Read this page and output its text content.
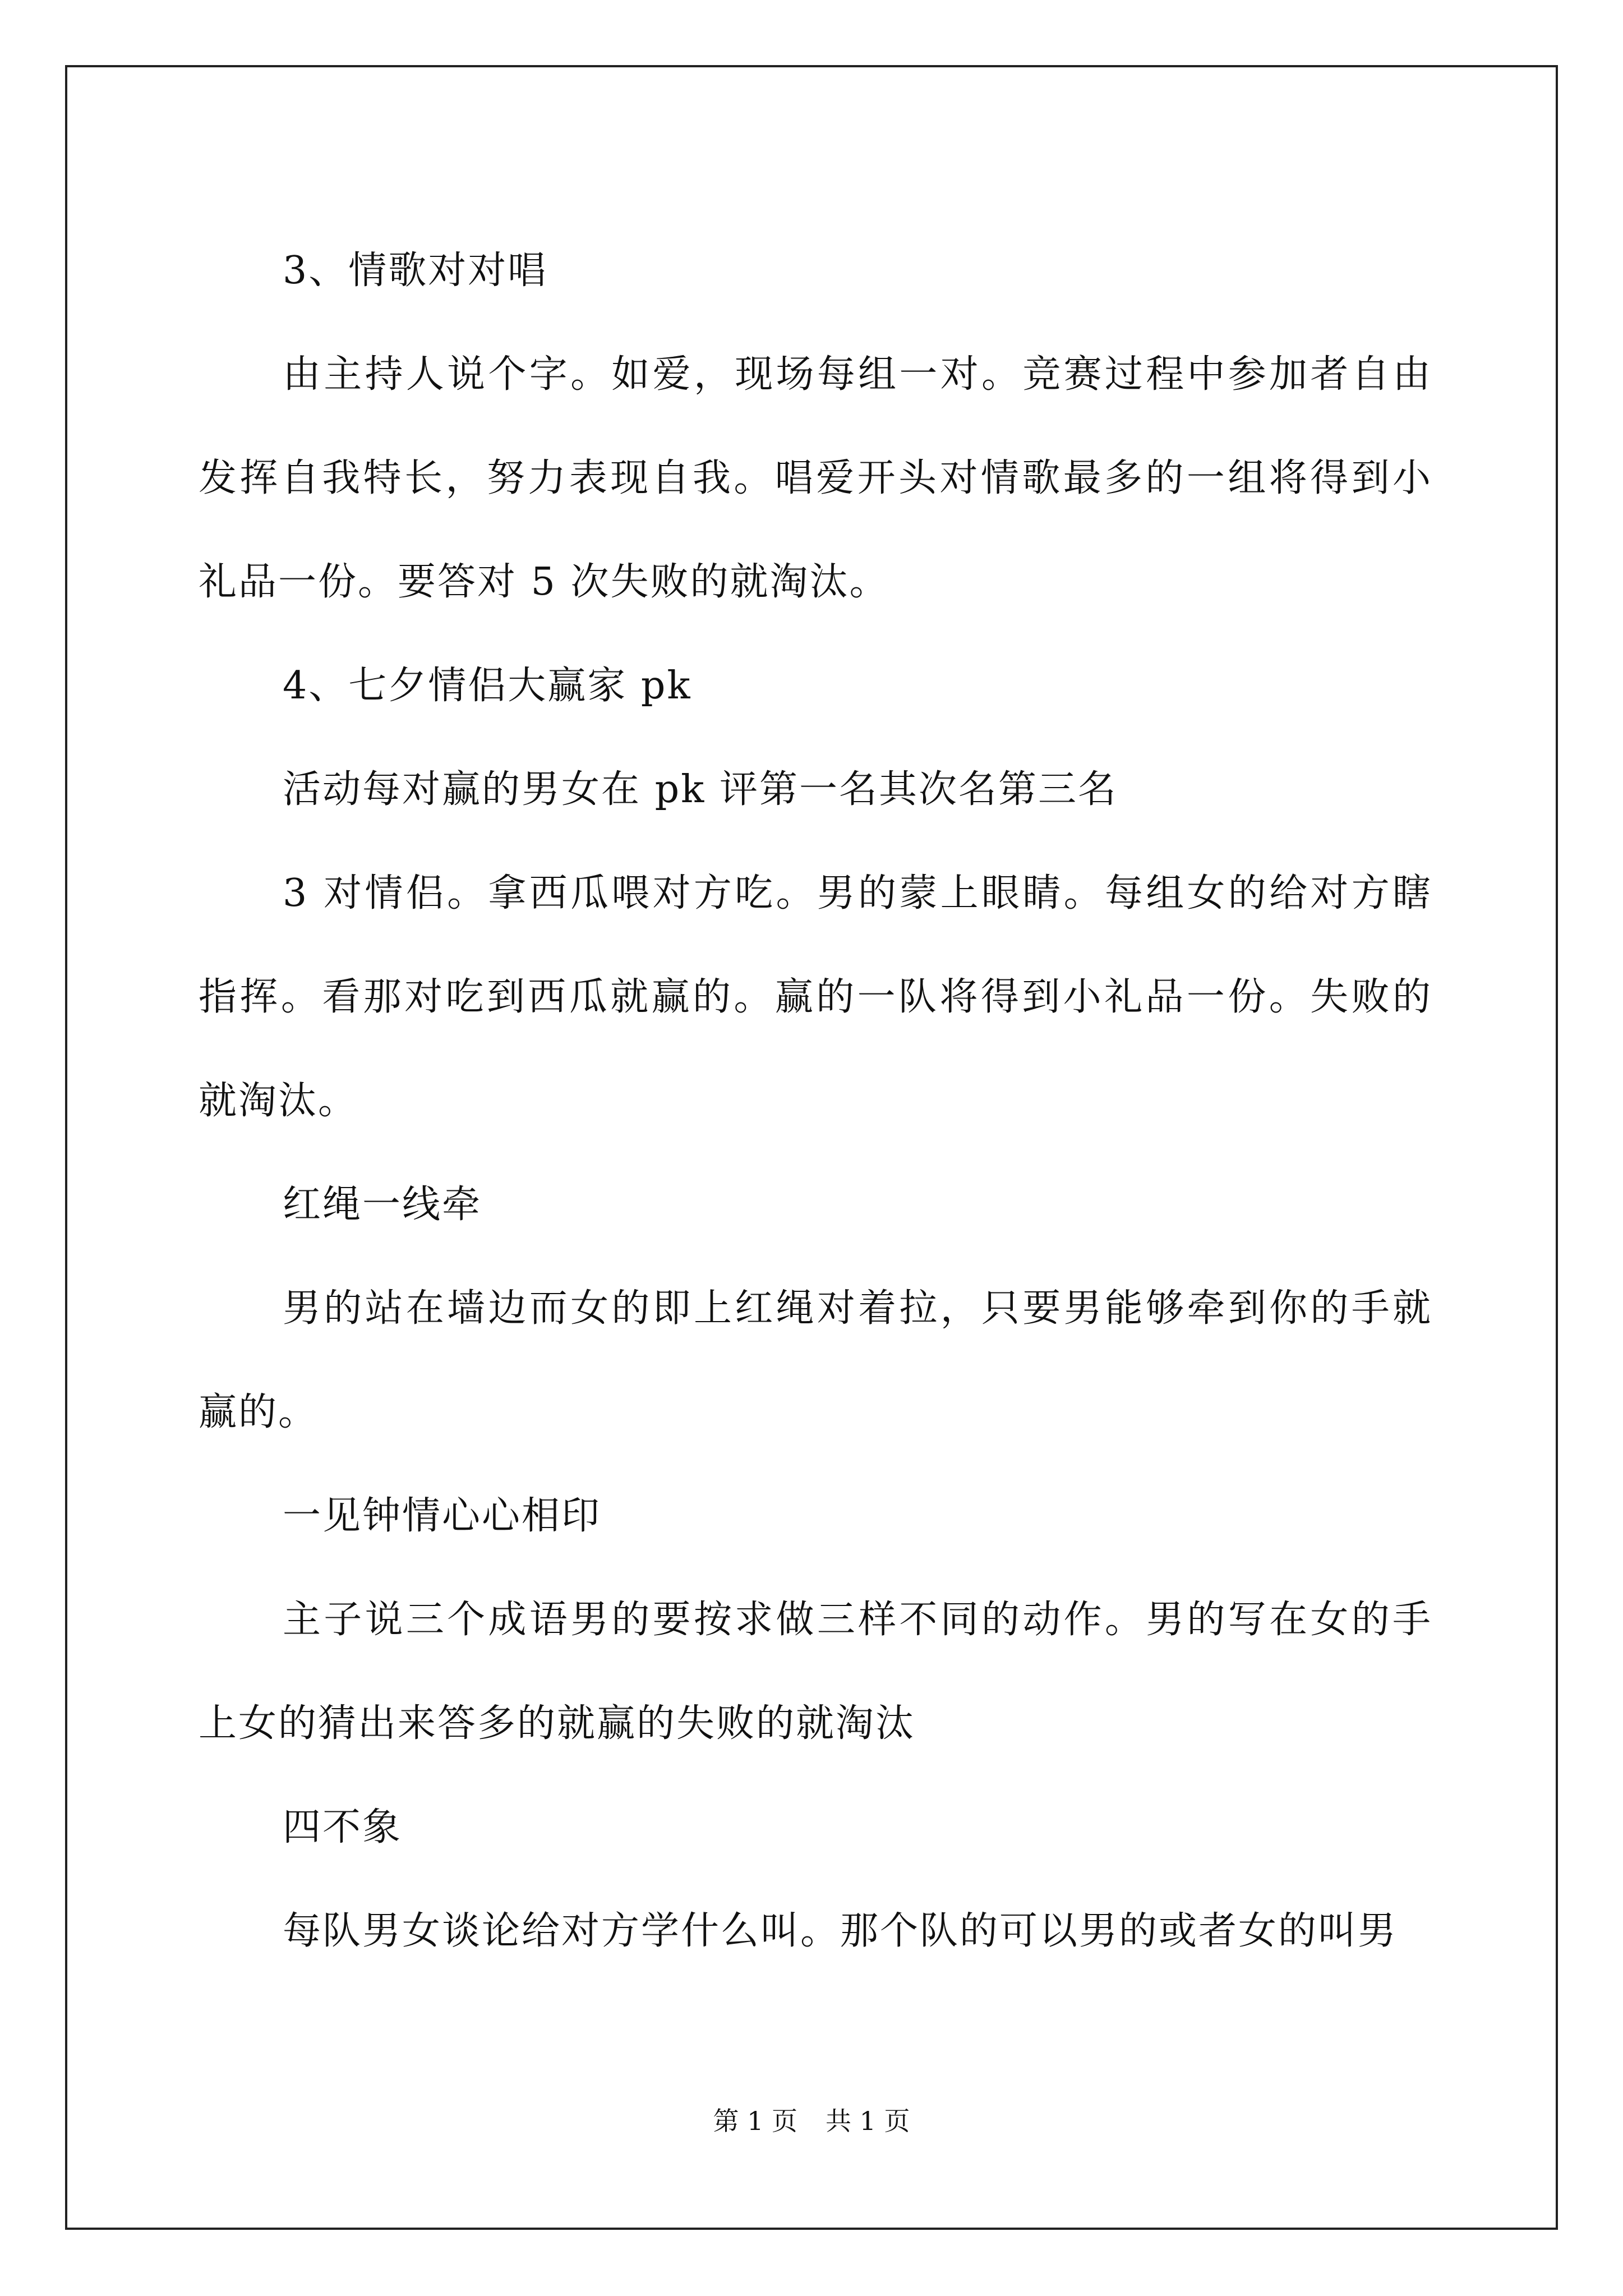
3、情歌对对唱

由主持人说个字。如爱，现场每组一对。竞赛过程中参加者自由发挥自我特长，努力表现自我。唱爱开头对情歌最多的一组将得到小礼品一份。要答对 5 次失败的就淘汰。

4、七夕情侣大赢家 pk

活动每对赢的男女在 pk 评第一名其次名第三名

3 对情侣。拿西瓜喂对方吃。男的蒙上眼睛。每组女的给对方瞎指挥。看那对吃到西瓜就赢的。赢的一队将得到小礼品一份。失败的就淘汰。

红绳一线牵

男的站在墙边而女的即上红绳对着拉，只要男能够牵到你的手就赢的。

一见钟情心心相印

主子说三个成语男的要按求做三样不同的动作。男的写在女的手上女的猜出来答多的就赢的失败的就淘汰

四不象

每队男女谈论给对方学什么叫。那个队的可以男的或者女的叫男

第 1 页 共 1 页
